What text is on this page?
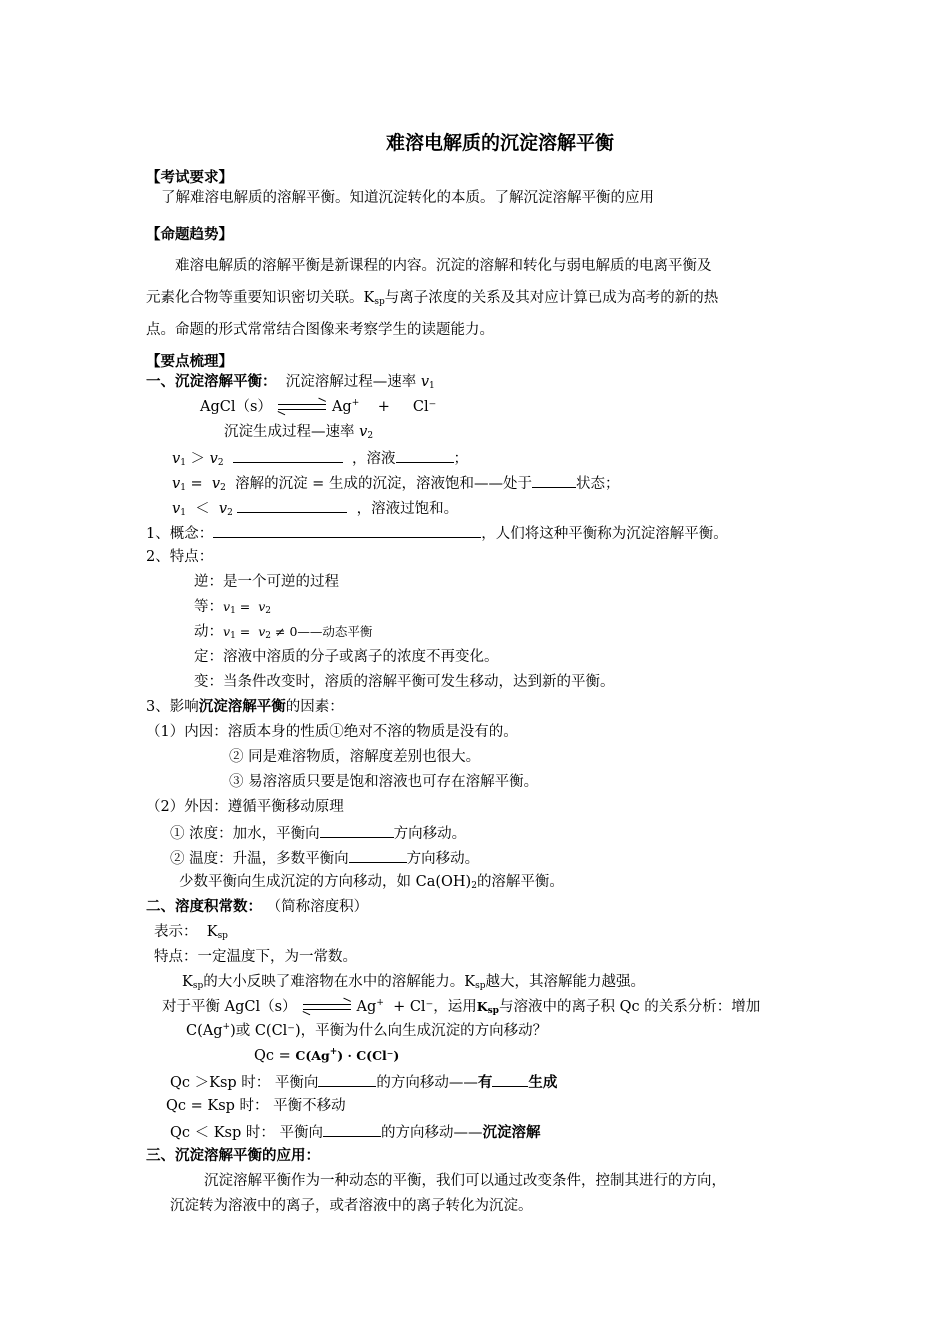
难溶电解质的沉淀溶解平衡
【考试要求】
了解难溶电解质的溶解平衡。知道沉淀转化的本质。了解沉淀溶解平衡的应用
【命题趋势】
难溶电解质的溶解平衡是新课程的内容。沉淀的溶解和转化与弱电解质的电离平衡及
元素化合物等重要知识密切关联。$K_{sp}$与离子浓度的关系及其对应计算已成为高考的新的热
点。命题的形式常常结合图像来考察学生的读题能力。
【要点梳理】
一、沉淀溶解平衡： 沉淀溶解过程—速率 $v_1$
AgCl（s）	Ag+ + Cl⁻
沉淀生成过程—速率 $v_2$
$v_1 > v_2$	，溶液	；
$v_1 = v_2$ 溶解的沉淀 = 生成的沉淀，溶液饱和——处于	状态；
$v_1 < v_2$	，溶液过饱和。
1、概念：	，人们将这种平衡称为沉淀溶解平衡。
2、特点：
逆：是一个可逆的过程
等：$v_1 = v_2$
动：$v_1 = v_2$ ≠ 0——动态平衡
定：溶液中溶质的分子或离子的浓度不再变化。
变：当条件改变时，溶质的溶解平衡可发生移动，达到新的平衡。
3、影响沉淀溶解平衡的因素：
（1）内因：溶质本身的性质①绝对不溶的物质是没有的。
② 同是难溶物质，溶解度差别也很大。
③ 易溶溶质只要是饱和溶液也可存在溶解平衡。
（2）外因：遵循平衡移动原理
① 浓度：加水，平衡向	方向移动。
② 温度：升温，多数平衡向	方向移动。
少数平衡向生成沉淀的方向移动，如 $Ca(OH)_2$的溶解平衡。
二、溶度积常数： （简称溶度积）
表示： $K_{sp}$
特点：一定温度下，为一常数。
$K_{sp}$的大小反映了难溶物在水中的溶解能力。$K_{sp}$越大，其溶解能力越强。
对于平衡 AgCl（s）	Ag+ + Cl⁻，运用$K_{sp}$与溶液中的离子积 Qc 的关系分析：增加
C(Ag+)或 C(Cl⁻)，平衡为什么向生成沉淀的方向移动？
Qc = C(Ag+) · C(Cl⁻)
Qc ＞Ksp 时： 平衡向	的方向移动——有 生成
Qc = Ksp 时： 平衡不移动
Qc ＜ Ksp 时： 平衡向	的方向移动——沉淀溶解
三、沉淀溶解平衡的应用：
沉淀溶解平衡作为一种动态的平衡，我们可以通过改变条件，控制其进行的方向，
沉淀转为溶液中的离子，或者溶液中的离子转化为沉淀。
